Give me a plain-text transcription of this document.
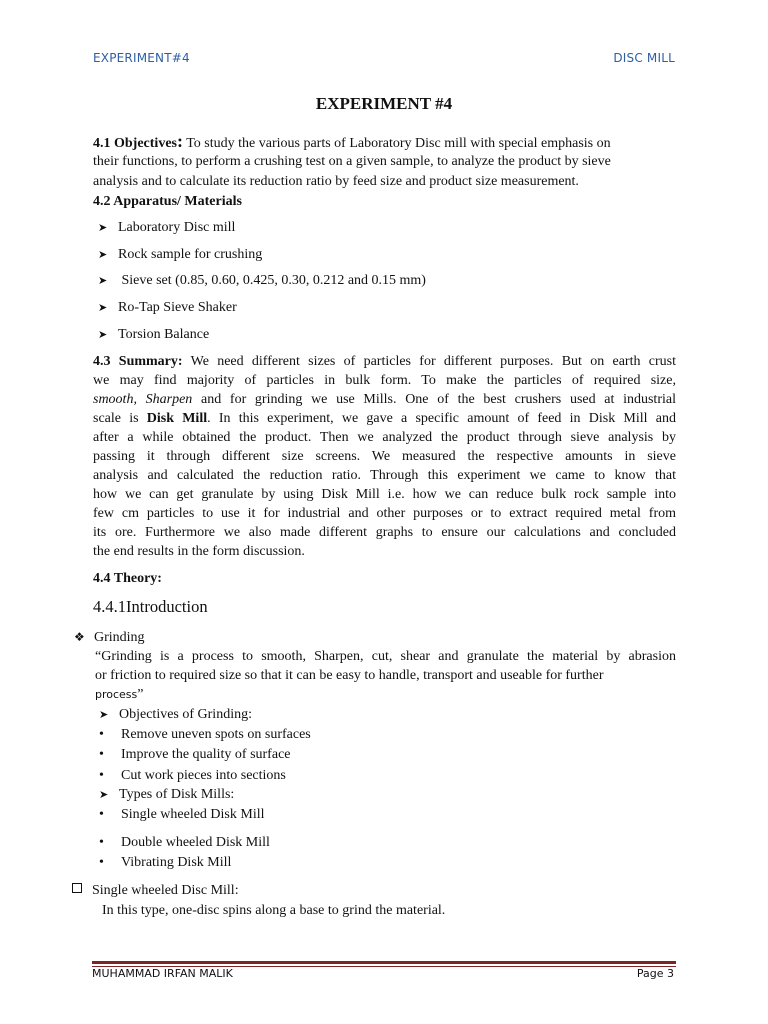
EXPERIMENT#4	DISC MILL
EXPERIMENT #4
4.1 Objectives: To study the various parts of Laboratory Disc mill with special emphasis on
their functions, to perform a crushing test on a given sample, to analyze the product by sieve
analysis and to calculate its reduction ratio by feed size and product size measurement.
4.2 Apparatus/ Materials
➤ Laboratory Disc mill
➤ Rock sample for crushing
➤ Sieve set (0.85, 0.60, 0.425, 0.30, 0.212 and 0.15 mm)
➤ Ro-Tap Sieve Shaker
➤ Torsion Balance
4.3 Summary: We need different sizes of particles for different purposes. But on earth crust
we may find majority of particles in bulk form. To make the particles of required size,
smooth, Sharpen and for grinding we use Mills. One of the best crushers used at industrial
scale is Disk Mill. In this experiment, we gave a specific amount of feed in Disk Mill and
after a while obtained the product. Then we analyzed the product through sieve analysis by
passing it through different size screens. We measured the respective amounts in sieve
analysis and calculated the reduction ratio. Through this experiment we came to know that
how we can get granulate by using Disk Mill i.e. how we can reduce bulk rock sample into
few cm particles to use it for industrial and other purposes or to extract required metal from
its ore. Furthermore we also made different graphs to ensure our calculations and concluded
the end results in the form discussion.
4.4 Theory:
4.4.1Introduction
❖ Grinding
“Grinding is a process to smooth, Sharpen, cut, shear and granulate the material by abrasion
or friction to required size so that it can be easy to handle, transport and useable for further
process”
➤ Objectives of Grinding:
• Remove uneven spots on surfaces
• Improve the quality of surface
• Cut work pieces into sections
➤ Types of Disk Mills:
• Single wheeled Disk Mill
• Double wheeled Disk Mill
• Vibrating Disk Mill
Single wheeled Disc Mill:
In this type, one-disc spins along a base to grind the material.
MUHAMMAD IRFAN MALIK	Page 3
